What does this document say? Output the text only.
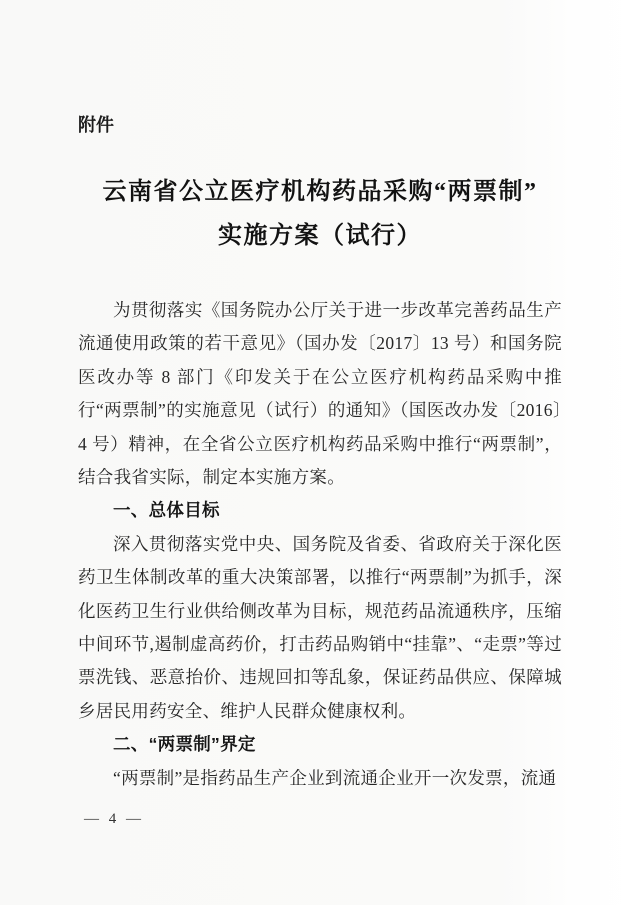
附件
云南省公立医疗机构药品采购“两票制”
实施方案（试行）

为贯彻落实《国务院办公厅关于进一步改革完善药品生产流通使用政策的若干意见》（国办发〔2017〕13 号）和国务院医改办等 8 部门《印发关于在公立医疗机构药品采购中推行“两票制”的实施意见（试行）的通知》（国医改办发〔2016〕4 号）精神，在全省公立医疗机构药品采购中推行“两票制”，结合我省实际，制定本实施方案。

一、总体目标

深入贯彻落实党中央、国务院及省委、省政府关于深化医药卫生体制改革的重大决策部署，以推行“两票制”为抓手，深化医药卫生行业供给侧改革为目标，规范药品流通秩序，压缩中间环节,遏制虚高药价，打击药品购销中“挂靠”、“走票”等过票洗钱、恶意抬价、违规回扣等乱象，保证药品供应、保障城乡居民用药安全、维护人民群众健康权利。

二、“两票制”界定

“两票制”是指药品生产企业到流通企业开一次发票，流通

— 4 —
